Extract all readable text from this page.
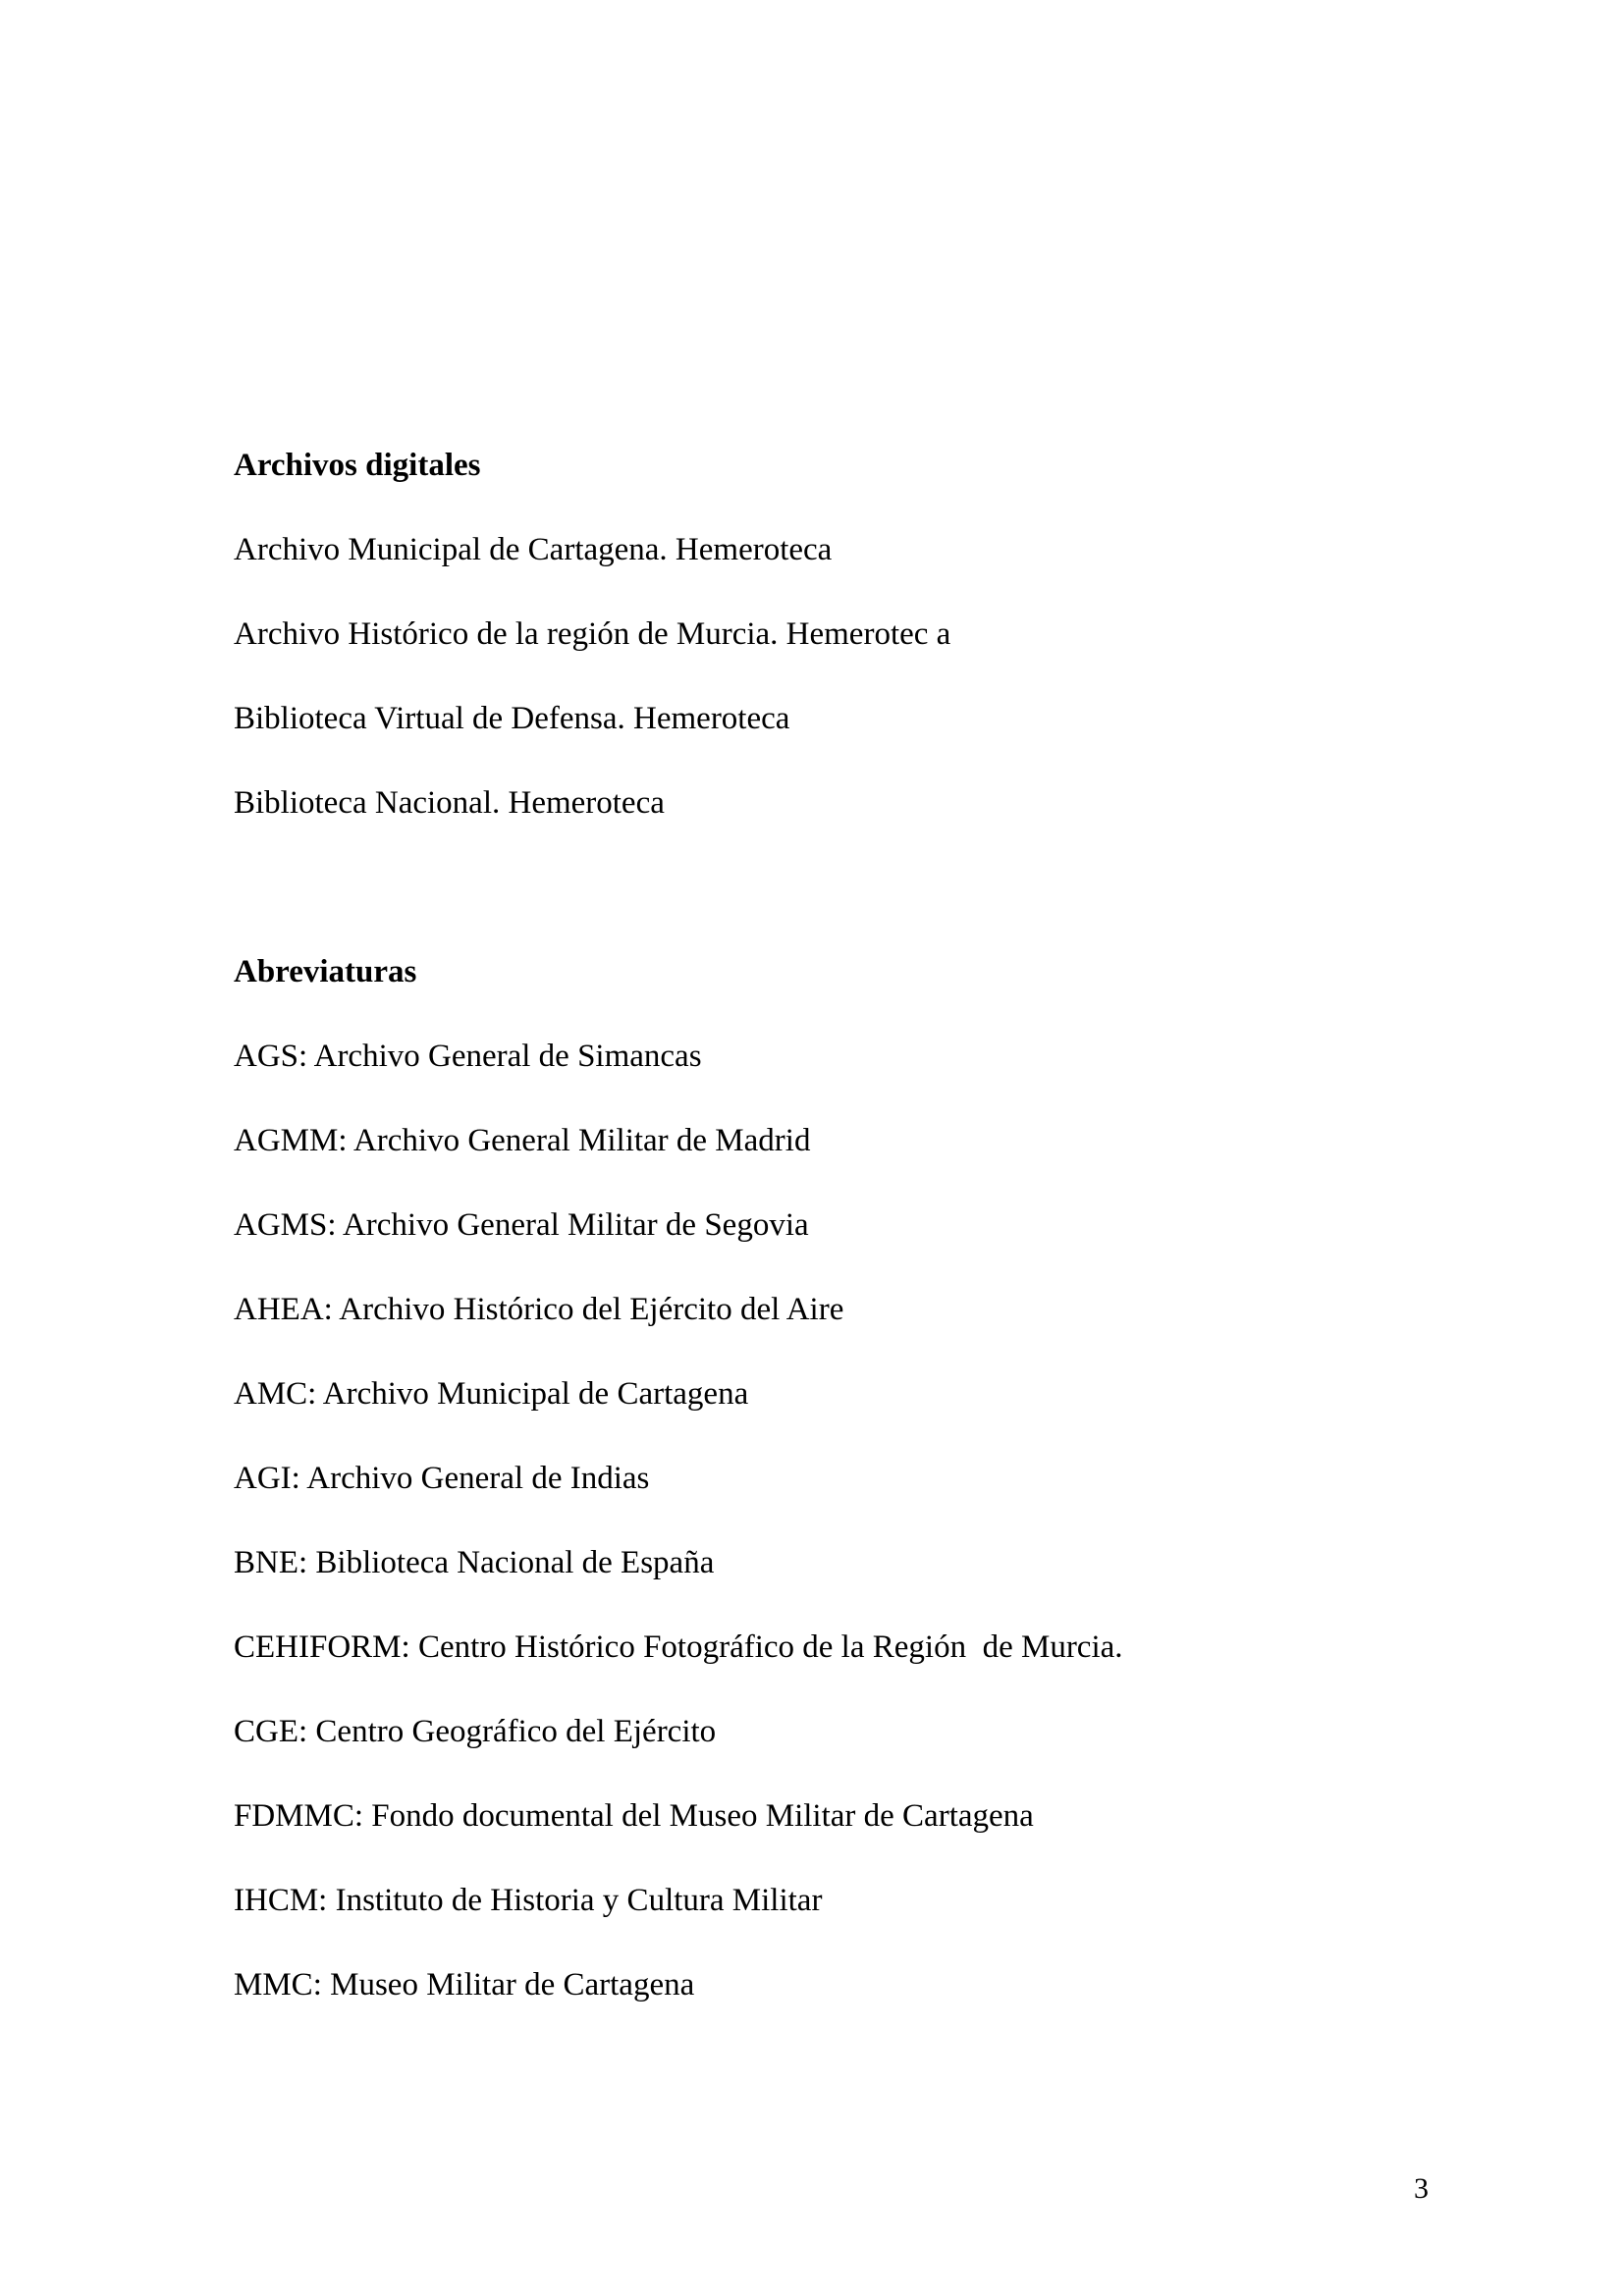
Archivos digitales
Archivo Municipal de Cartagena. Hemeroteca
Archivo Histórico de la región de Murcia. Hemerotec a
Biblioteca Virtual de Defensa. Hemeroteca
Biblioteca Nacional. Hemeroteca
Abreviaturas
AGS: Archivo General de Simancas
AGMM: Archivo General Militar de Madrid
AGMS: Archivo General Militar de Segovia
AHEA: Archivo Histórico del Ejército del Aire
AMC: Archivo Municipal de Cartagena
AGI: Archivo General de Indias
BNE: Biblioteca Nacional de España
CEHIFORM: Centro Histórico Fotográfico de la Región  de Murcia.
CGE: Centro Geográfico del Ejército
FDMMC: Fondo documental del Museo Militar de Cartagena
IHCM: Instituto de Historia y Cultura Militar
MMC: Museo Militar de Cartagena
3
